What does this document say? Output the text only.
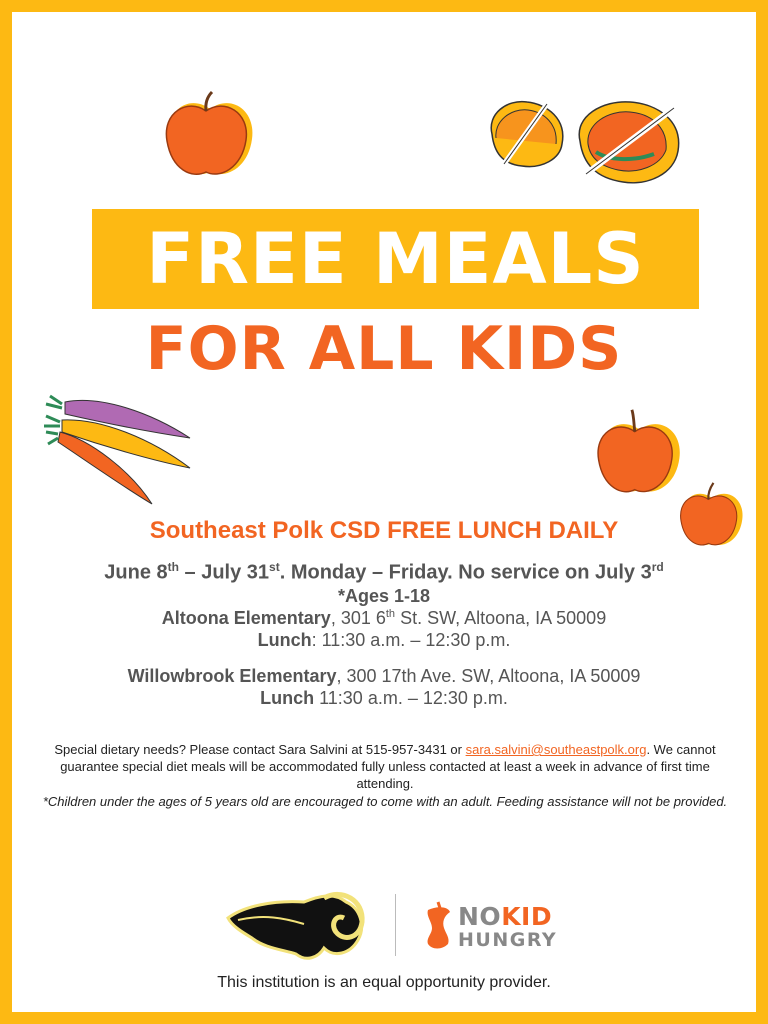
FREE MEALS
FOR ALL KIDS
Southeast Polk CSD FREE LUNCH DAILY
June 8th – July 31st. Monday – Friday. No service on July 3rd
*Ages 1-18
Altoona Elementary, 301 6th St. SW, Altoona, IA 50009
Lunch: 11:30 a.m. – 12:30 p.m.
Willowbrook Elementary, 300 17th Ave. SW, Altoona, IA 50009
Lunch 11:30 a.m. – 12:30 p.m.
Special dietary needs? Please contact Sara Salvini at 515-957-3431 or sara.salvini@southeastpolk.org. We cannot guarantee special diet meals will be accommodated fully unless contacted at least a week in advance of first time attending.
*Children under the ages of 5 years old are encouraged to come with an adult. Feeding assistance will not be provided.
NOKID
HUNGRY
This institution is an equal opportunity provider.
